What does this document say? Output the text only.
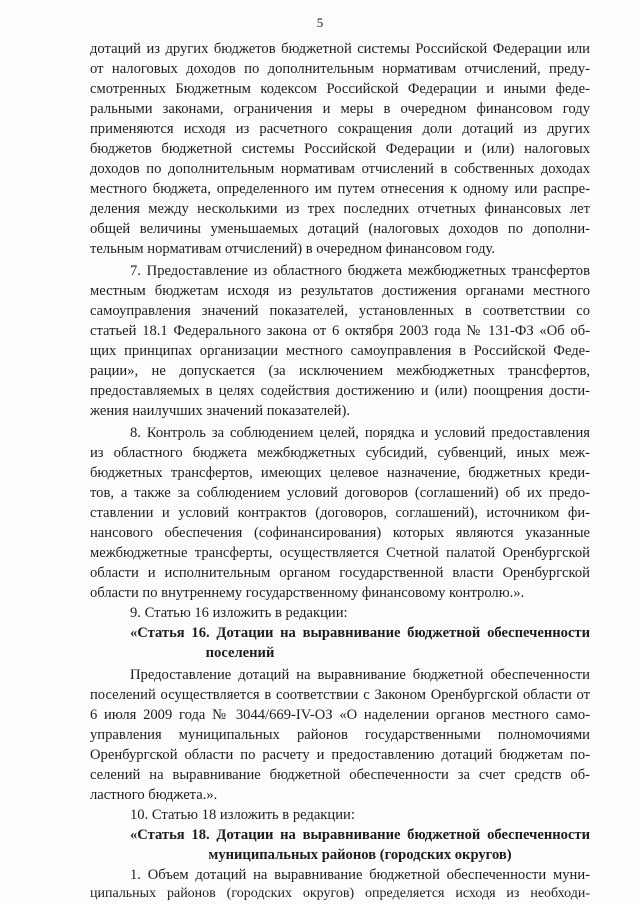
5
дотаций из других бюджетов бюджетной системы Российской Федерации или
от налоговых доходов по дополнительным нормативам отчислений, преду-
смотренных Бюджетным кодексом Российской Федерации и иными феде-
ральными законами, ограничения и меры в очередном финансовом году
применяются исходя из расчетного сокращения доли дотаций из других
бюджетов бюджетной системы Российской Федерации и (или) налоговых
доходов по дополнительным нормативам отчислений в собственных доходах
местного бюджета, определенного им путем отнесения к одному или распре-
деления между несколькими из трех последних отчетных финансовых лет
общей величины уменьшаемых дотаций (налоговых доходов по дополни-
тельным нормативам отчислений) в очередном финансовом году.
7. Предоставление из областного бюджета межбюджетных трансфертов
местным бюджетам исходя из результатов достижения органами местного
самоуправления значений показателей, установленных в соответствии со
статьей 18.1 Федерального закона от 6 октября 2003 года № 131-ФЗ «Об об-
щих принципах организации местного самоуправления в Российской Феде-
рации», не допускается (за исключением межбюджетных трансфертов,
предоставляемых в целях содействия достижению и (или) поощрения дости-
жения наилучших значений показателей).
8. Контроль за соблюдением целей, порядка и условий предоставления
из областного бюджета межбюджетных субсидий, субвенций, иных меж-
бюджетных трансфертов, имеющих целевое назначение, бюджетных креди-
тов, а также за соблюдением условий договоров (соглашений) об их предо-
ставлении и условий контрактов (договоров, соглашений), источником фи-
нансового обеспечения (софинансирования) которых являются указанные
межбюджетные трансферты, осуществляется Счетной палатой Оренбургской
области и исполнительным органом государственной власти Оренбургской
области по внутреннему государственному финансовому контролю.».
9. Статью 16 изложить в редакции:
«Статья 16. Дотации на выравнивание бюджетной обеспеченности
поселений
Предоставление дотаций на выравнивание бюджетной обеспеченности
поселений осуществляется в соответствии с Законом Оренбургской области от
6 июля 2009 года № 3044/669-IV-ОЗ «О наделении органов местного само-
управления муниципальных районов государственными полномочиями
Оренбургской области по расчету и предоставлению дотаций бюджетам по-
селений на выравнивание бюджетной обеспеченности за счет средств об-
ластного бюджета.».
10. Статью 18 изложить в редакции:
«Статья 18. Дотации на выравнивание бюджетной обеспеченности
муниципальных районов (городских округов)
1. Объем дотаций на выравнивание бюджетной обеспеченности муни-
ципальных районов (городских округов) определяется исходя из необходи-
